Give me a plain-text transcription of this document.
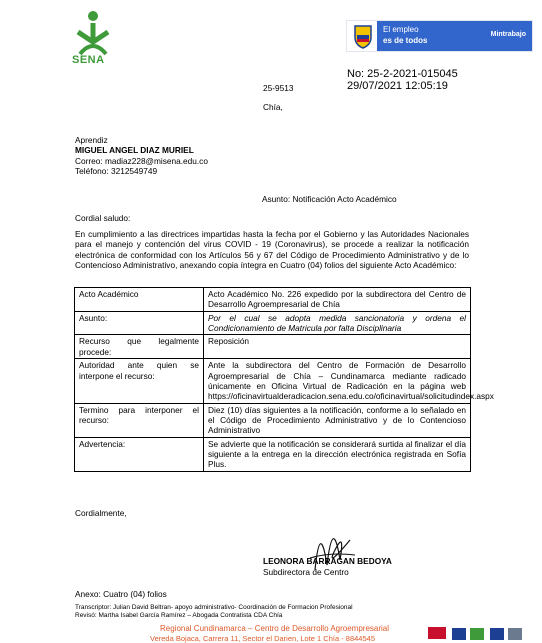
SENA
El empleo
es de todos
Mintrabajo
No: 25-2-2021-015045
29/07/2021 12:05:19
25-9513
Chía,
Aprendiz
MIGUEL ANGEL DIAZ MURIEL
Correo: madiaz228@misena.edu.co
Teléfono: 3212549749
Asunto: Notificación Acto Académico
Cordial saludo:
En cumplimiento a las directrices impartidas hasta la fecha por el Gobierno y las Autoridades Nacionales para el manejo y contención del virus COVID - 19 (Coronavirus), se procede a realizar la notificación electrónica de conformidad con los Artículos 56 y 67 del Código de Procedimiento Administrativo y de lo Contencioso Administrativo, anexando copia íntegra en Cuatro (04) folios del siguiente Acto Académico:
Acto Académico	Acto Académico No. 226 expedido por la subdirectora del Centro de Desarrollo Agroempresarial de Chía
Asunto:	Por el cual se adopta medida sancionatoria y ordena el Condicionamiento de Matricula por falta Disciplinaria
Recurso que legalmente procede:	Reposición
Autoridad ante quien se interpone el recurso:	Ante la subdirectora del Centro de Formación de Desarrollo Agroempresarial de Chía – Cundinamarca mediante radicado únicamente en Oficina Virtual de Radicación en la página web https://oficinavirtualderadicacion.sena.edu.co/oficinavirtual/solicitudindex.aspx
Termino para interponer el recurso:	Diez (10) días siguientes a la notificación, conforme a lo señalado en el Código de Procedimiento Administrativo y de lo Contencioso Administrativo
Advertencia:	Se advierte que la notificación se considerará surtida al finalizar el día siguiente a la entrega en la dirección electrónica registrada en Sofía Plus.
Cordialmente,
LEONORA BARRAGAN BEDOYA
Subdirectora de Centro
Anexo: Cuatro (04) folios
Transcriptor: Julian David Beltran- apoyo administrativo- Coordinación de Formacion Profesional
Revisó: Martha Isabel García Ramírez – Abogada Contratista CDA Chía
Regional Cundinamarca – Centro de Desarrollo Agroempresarial
Vereda Bojaca, Carrera 11, Sector el Darien, Lote 1 Chía - 8844545
